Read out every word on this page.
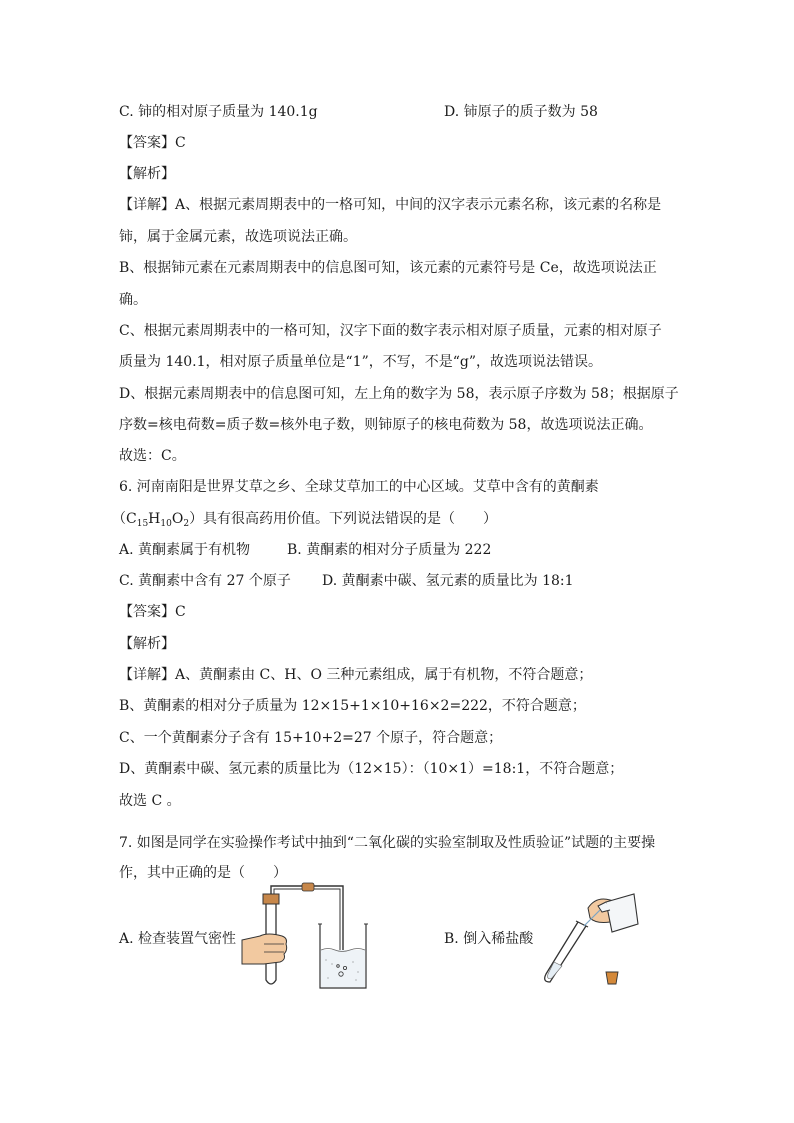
C. 铈的相对原子质量为 140.1g	D. 铈原子的质子数为 58
【答案】C
【解析】
【详解】A、根据元素周期表中的一格可知，中间的汉字表示元素名称，该元素的名称是
铈，属于金属元素，故选项说法正确。
B、根据铈元素在元素周期表中的信息图可知，该元素的元素符号是 Ce，故选项说法正
确。
C、根据元素周期表中的一格可知，汉字下面的数字表示相对原子质量，元素的相对原子
质量为 140.1，相对原子质量单位是“1”，不写，不是“g”，故选项说法错误。
D、根据元素周期表中的信息图可知，左上角的数字为 58，表示原子序数为 58；根据原子
序数=核电荷数=质子数=核外电子数，则铈原子的核电荷数为 58，故选项说法正确。
故选：C。
6. 河南南阳是世界艾草之乡、全球艾草加工的中心区域。艾草中含有的黄酮素
$(C_{15}H_{10}O_2)$具有很高药用价值。下列说法错误的是（　　）
A. 黄酮素属于有机物	B. 黄酮素的相对分子质量为 222
C. 黄酮素中含有 27 个原子 D. 黄酮素中碳、氢元素的质量比为 18:1
【答案】C
【解析】
【详解】A、黄酮素由 C、H、O 三种元素组成，属于有机物，不符合题意；
B、黄酮素的相对分子质量为 12×15+1×10+16×2=222，不符合题意；
C、一个黄酮素分子含有 15+10+2=27 个原子，符合题意；
D、黄酮素中碳、氢元素的质量比为（12×15）：（10×1）=18:1，不符合题意；
故选 C 。
7. 如图是同学在实验操作考试中抽到“二氧化碳的实验室制取及性质验证”试题的主要操
作，其中正确的是（　　）
A. 检查装置气密性	B. 倒入稀盐酸
